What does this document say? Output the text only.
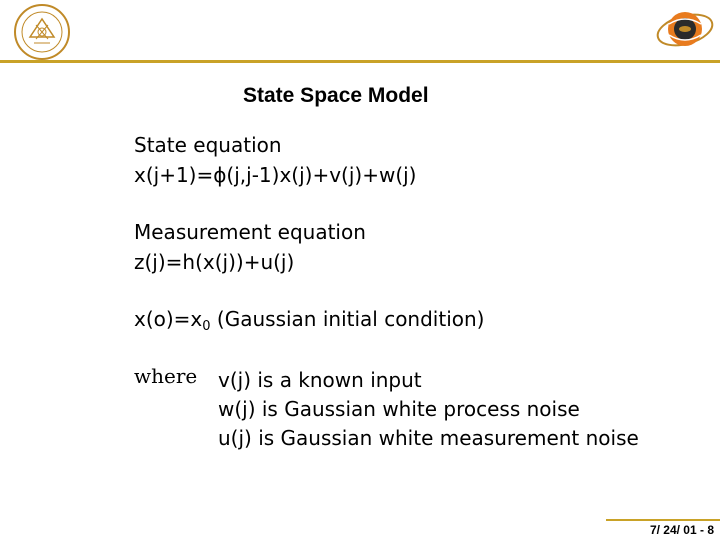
State Space Model
State equation
x(j+1)=ϕ(j,j-1)x(j)+v(j)+w(j)
Measurement equation
z(j)=h(x(j))+u(j)
$x(o)=x_0$ (Gaussian initial condition)
where v(j) is a known input
w(j) is Gaussian white process noise
u(j) is Gaussian white measurement noise
7/ 24/ 01 - 8
